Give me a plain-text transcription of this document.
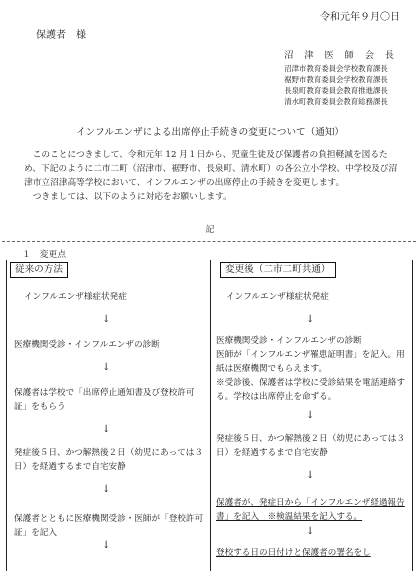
令和元年９月〇日
保護者　様
沼 津 医 師 会 長
沼津市教育委員会学校教育課長
裾野市教育委員会学校教育課長
長泉町教育委員会教育推進課長
清水町教育委員会教育総務課長
インフルエンザによる出席停止手続きの変更について（通知）

このことにつきまして、令和元年 12 月１日から、児童生徒及び保護者の負担軽減を図るため、下記のように二市二町（沼津市、裾野市、長泉町、清水町）の各公立小学校、中学校及び沼津市立沼津高等学校において、インフルエンザの出席停止の手続きを変更します。

つきましては、以下のように対応をお願いします。

記
１　変更点
従来の方法	変更後（二市二町共通）
インフルエンザ様症状発症
↓
医療機関受診・インフルエンザの診断
↓
保護者は学校で「出席停止通知書及び登校許可証」をもらう
↓
発症後５日、かつ解熱後２日（幼児にあっては３日）を経過するまで自宅安静
↓
保護者とともに医療機関受診・医師が「登校許可証」を記入
↓
インフルエンザ様症状発症
↓
医療機関受診・インフルエンザの診断
医師が「インフルエンザ罹患証明書」を記入。用紙は医療機関でもらえます。
※受診後、保護者は学校に受診結果を電話連絡する。学校は出席停止を命ずる。
↓
発症後５日、かつ解熱後２日（幼児にあっては３日）を経過するまで自宅安静
↓
保護者が、発症日から「インフルエンザ経過報告書」を記入　※検温結果を記入する。
↓
登校する日の日付けと保護者の署名をし
